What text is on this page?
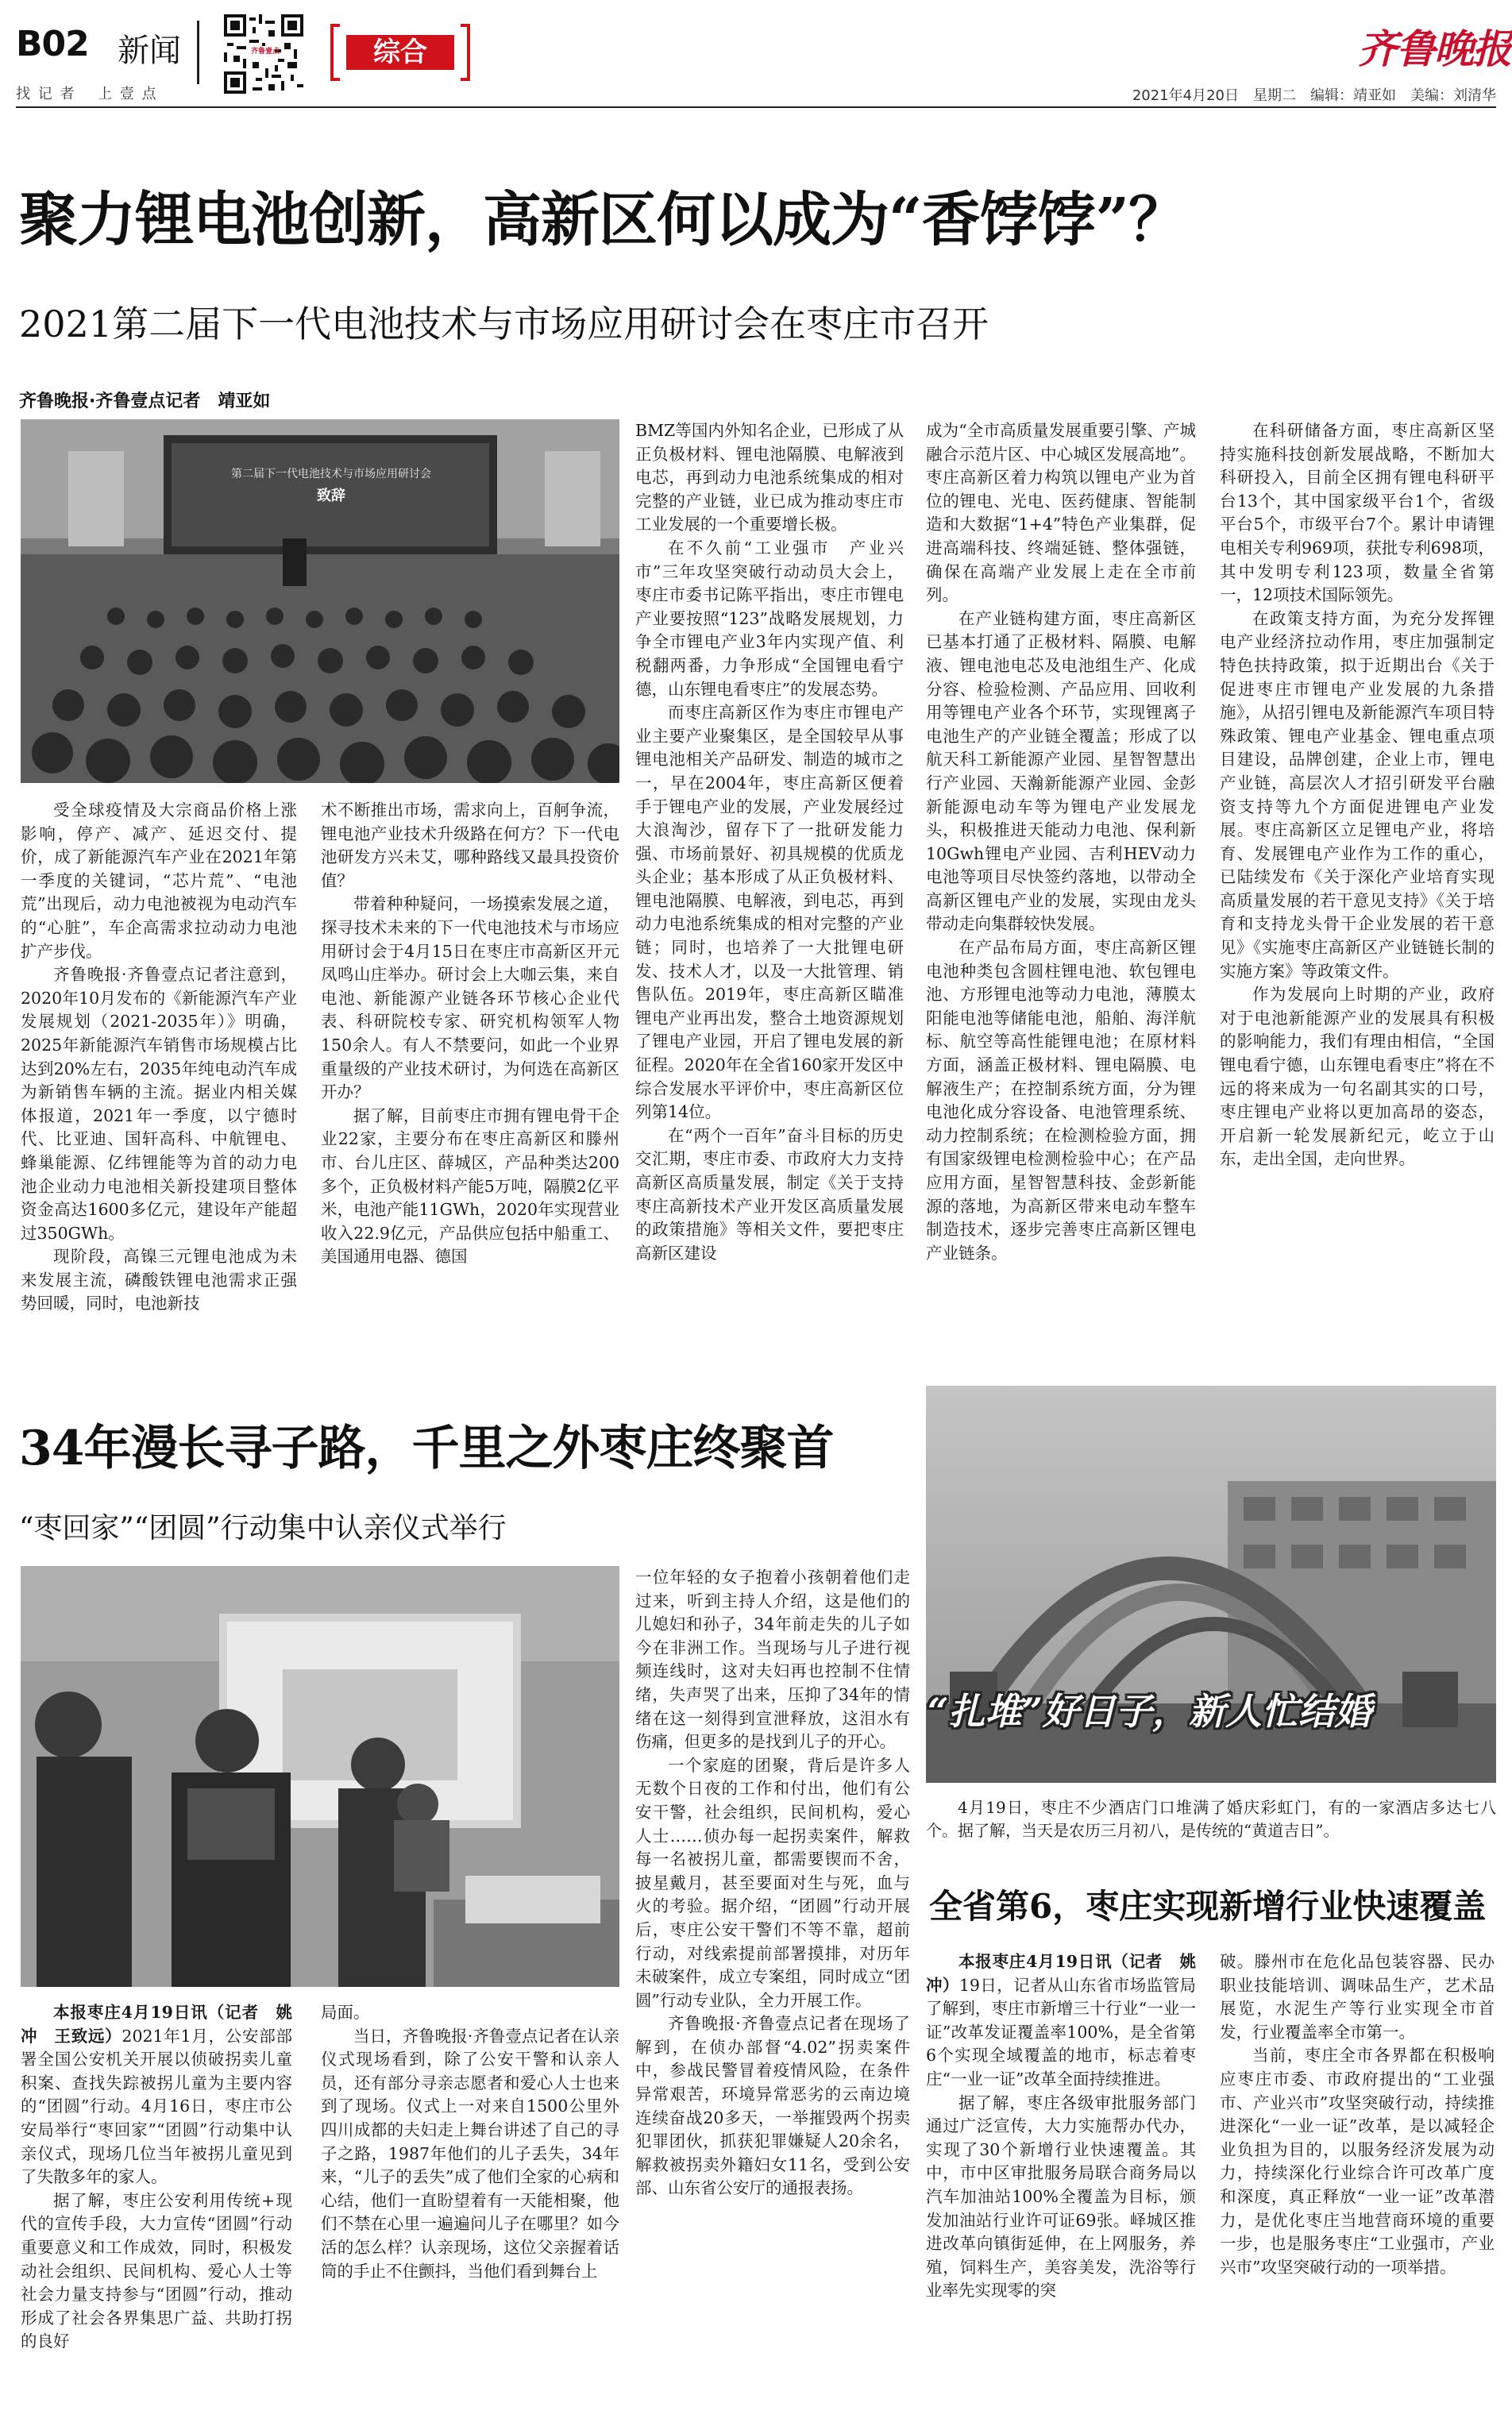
B02 新闻
找 记 者 　上 壹 点
齐鲁壹点	综合	齐鲁晚报
2021年4月20日　星期二　编辑：靖亚如　美编：刘清华
聚力锂电池创新，高新区何以成为“香饽饽”？
2021第二届下一代电池技术与市场应用研讨会在枣庄市召开
齐鲁晚报·齐鲁壹点记者　靖亚如
第二届下一代电池技术与市场应用研讨会
致辞

受全球疫情及大宗商品价格上涨影响，停产、减产、延迟交付、提价，成了新能源汽车产业在2021年第一季度的关键词，“芯片荒”、“电池荒”出现后，动力电池被视为电动汽车的“心脏”，车企高需求拉动动力电池扩产步伐。

齐鲁晚报·齐鲁壹点记者注意到，2020年10月发布的《新能源汽车产业发展规划（2021-2035年）》明确，2025年新能源汽车销售市场规模占比达到20%左右，2035年纯电动汽车成为新销售车辆的主流。据业内相关媒体报道，2021年一季度，以宁德时代、比亚迪、国轩高科、中航锂电、蜂巢能源、亿纬锂能等为首的动力电池企业动力电池相关新投建项目整体资金高达1600多亿元，建设年产能超过350GWh。

现阶段，高镍三元锂电池成为未来发展主流，磷酸铁锂电池需求正强势回暖，同时，电池新技

术不断推出市场，需求向上，百舸争流，锂电池产业技术升级路在何方？下一代电池研发方兴未艾，哪种路线又最具投资价值？

带着种种疑问，一场摸索发展之道，探寻技术未来的下一代电池技术与市场应用研讨会于4月15日在枣庄市高新区开元凤鸣山庄举办。研讨会上大咖云集，来自电池、新能源产业链各环节核心企业代表、科研院校专家、研究机构领军人物150余人。有人不禁要问，如此一个业界重量级的产业技术研讨，为何选在高新区开办？

据了解，目前枣庄市拥有锂电骨干企业22家，主要分布在枣庄高新区和滕州市、台儿庄区、薛城区，产品种类达200多个，正负极材料产能5万吨，隔膜2亿平米，电池产能11GWh，2020年实现营业收入22.9亿元，产品供应包括中船重工、美国通用电器、德国

BMZ等国内外知名企业，已形成了从正负极材料、锂电池隔膜、电解液到电芯，再到动力电池系统集成的相对完整的产业链，业已成为推动枣庄市工业发展的一个重要增长极。

在不久前“工业强市　产业兴市”三年攻坚突破行动动员大会上，枣庄市委书记陈平指出，枣庄市锂电产业要按照“123”战略发展规划，力争全市锂电产业3年内实现产值、利税翻两番，力争形成“全国锂电看宁德，山东锂电看枣庄”的发展态势。

而枣庄高新区作为枣庄市锂电产业主要产业聚集区，是全国较早从事锂电池相关产品研发、制造的城市之一，早在2004年，枣庄高新区便着手于锂电产业的发展，产业发展经过大浪淘沙，留存下了一批研发能力强、市场前景好、初具规模的优质龙头企业；基本形成了从正负极材料、锂电池隔膜、电解液，到电芯，再到动力电池系统集成的相对完整的产业链；同时，也培养了一大批锂电研发、技术人才，以及一大批管理、销售队伍。2019年，枣庄高新区瞄准锂电产业再出发，整合土地资源规划了锂电产业园，开启了锂电发展的新征程。2020年在全省160家开发区中综合发展水平评价中，枣庄高新区位列第14位。

在“两个一百年”奋斗目标的历史交汇期，枣庄市委、市政府大力支持高新区高质量发展，制定《关于支持枣庄高新技术产业开发区高质量发展的政策措施》等相关文件，要把枣庄高新区建设

成为“全市高质量发展重要引擎、产城融合示范片区、中心城区发展高地”。枣庄高新区着力构筑以锂电产业为首位的锂电、光电、医药健康、智能制造和大数据“1+4”特色产业集群，促进高端科技、终端延链、整体强链，确保在高端产业发展上走在全市前列。

在产业链构建方面，枣庄高新区已基本打通了正极材料、隔膜、电解液、锂电池电芯及电池组生产、化成分容、检验检测、产品应用、回收利用等锂电产业各个环节，实现锂离子电池生产的产业链全覆盖；形成了以航天科工新能源产业园、星智智慧出行产业园、天瀚新能源产业园、金彭新能源电动车等为锂电产业发展龙头，积极推进天能动力电池、保利新10Gwh锂电产业园、吉利HEV动力电池等项目尽快签约落地，以带动全高新区锂电产业的发展，实现由龙头带动走向集群较快发展。

在产品布局方面，枣庄高新区锂电池种类包含圆柱锂电池、软包锂电池、方形锂电池等动力电池，薄膜太阳能电池等储能电池，船舶、海洋航标、航空等高性能锂电池；在原材料方面，涵盖正极材料、锂电隔膜、电解液生产；在控制系统方面，分为锂电池化成分容设备、电池管理系统、动力控制系统；在检测检验方面，拥有国家级锂电检测检验中心；在产品应用方面，星智智慧科技、金彭新能源的落地，为高新区带来电动车整车制造技术，逐步完善枣庄高新区锂电产业链条。

在科研储备方面，枣庄高新区坚持实施科技创新发展战略，不断加大科研投入，目前全区拥有锂电科研平台13个，其中国家级平台1个，省级平台5个，市级平台7个。累计申请锂电相关专利969项，获批专利698项，其中发明专利123项，数量全省第一，12项技术国际领先。

在政策支持方面，为充分发挥锂电产业经济拉动作用，枣庄加强制定特色扶持政策，拟于近期出台《关于促进枣庄市锂电产业发展的九条措施》，从招引锂电及新能源汽车项目特殊政策、锂电产业基金、锂电重点项目建设，品牌创建，企业上市，锂电产业链，高层次人才招引研发平台融资支持等九个方面促进锂电产业发展。枣庄高新区立足锂电产业，将培育、发展锂电产业作为工作的重心，已陆续发布《关于深化产业培育实现高质量发展的若干意见支持》《关于培育和支持龙头骨干企业发展的若干意见》《实施枣庄高新区产业链链长制的实施方案》等政策文件。

作为发展向上时期的产业，政府对于电池新能源产业的发展具有积极的影响能力，我们有理由相信，“全国锂电看宁德，山东锂电看枣庄”将在不远的将来成为一句名副其实的口号，枣庄锂电产业将以更加高昂的姿态，开启新一轮发展新纪元，屹立于山东，走出全国，走向世界。

34年漫长寻子路，千里之外枣庄终聚首
“枣回家”“团圆”行动集中认亲仪式举行

本报枣庄4月19日讯（记者　姚冲　王致远）2021年1月，公安部部署全国公安机关开展以侦破拐卖儿童积案、查找失踪被拐儿童为主要内容的“团圆”行动。4月16日，枣庄市公安局举行“枣回家”“团圆”行动集中认亲仪式，现场几位当年被拐儿童见到了失散多年的家人。

据了解，枣庄公安利用传统+现代的宣传手段，大力宣传“团圆”行动重要意义和工作成效，同时，积极发动社会组织、民间机构、爱心人士等社会力量支持参与“团圆”行动，推动形成了社会各界集思广益、共助打拐的良好

局面。

当日，齐鲁晚报·齐鲁壹点记者在认亲仪式现场看到，除了公安干警和认亲人员，还有部分寻亲志愿者和爱心人士也来到了现场。仪式上一对来自1500公里外四川成都的夫妇走上舞台讲述了自己的寻子之路，1987年他们的儿子丢失，34年来，“儿子的丢失”成了他们全家的心病和心结，他们一直盼望着有一天能相聚，他们不禁在心里一遍遍问儿子在哪里？如今活的怎么样？认亲现场，这位父亲握着话筒的手止不住颤抖，当他们看到舞台上

一位年轻的女子抱着小孩朝着他们走过来，听到主持人介绍，这是他们的儿媳妇和孙子，34年前走失的儿子如今在非洲工作。当现场与儿子进行视频连线时，这对夫妇再也控制不住情绪，失声哭了出来，压抑了34年的情绪在这一刻得到宣泄释放，这泪水有伤痛，但更多的是找到儿子的开心。

一个家庭的团聚，背后是许多人无数个日夜的工作和付出，他们有公安干警，社会组织，民间机构，爱心人士……侦办每一起拐卖案件，解救每一名被拐儿童，都需要锲而不舍，披星戴月，甚至要面对生与死，血与火的考验。据介绍，“团圆”行动开展后，枣庄公安干警们不等不靠，超前行动，对线索提前部署摸排，对历年未破案件，成立专案组，同时成立“团圆”行动专业队，全力开展工作。

齐鲁晚报·齐鲁壹点记者在现场了解到，在侦办部督“4.02”拐卖案件中，参战民警冒着疫情风险，在条件异常艰苦，环境异常恶劣的云南边境连续奋战20多天，一举摧毁两个拐卖犯罪团伙，抓获犯罪嫌疑人20余名，解救被拐卖外籍妇女11名，受到公安部、山东省公安厅的通报表扬。

“扎堆”好日子，新人忙结婚

4月19日，枣庄不少酒店门口堆满了婚庆彩虹门，有的一家酒店多达七八个。据了解，当天是农历三月初八，是传统的“黄道吉日”。

全省第6，枣庄实现新增行业快速覆盖

本报枣庄4月19日讯（记者　姚冲）19日，记者从山东省市场监管局了解到，枣庄市新增三十行业“一业一证”改革发证覆盖率100%，是全省第6个实现全域覆盖的地市，标志着枣庄“一业一证”改革全面持续推进。

据了解，枣庄各级审批服务部门通过广泛宣传，大力实施帮办代办，实现了30个新增行业快速覆盖。其中，市中区审批服务局联合商务局以汽车加油站100%全覆盖为目标，颁发加油站行业许可证69张。峄城区推进改革向镇街延伸，在上网服务，养殖，饲料生产，美容美发，洗浴等行业率先实现零的突

破。滕州市在危化品包装容器、民办职业技能培训、调味品生产，艺术品展览，水泥生产等行业实现全市首发，行业覆盖率全市第一。

当前，枣庄全市各界都在积极响应枣庄市委、市政府提出的“工业强市、产业兴市”攻坚突破行动，持续推进深化“一业一证”改革，是以减轻企业负担为目的，以服务经济发展为动力，持续深化行业综合许可改革广度和深度，真正释放“一业一证”改革潜力，是优化枣庄当地营商环境的重要一步，也是服务枣庄“工业强市，产业兴市”攻坚突破行动的一项举措。
